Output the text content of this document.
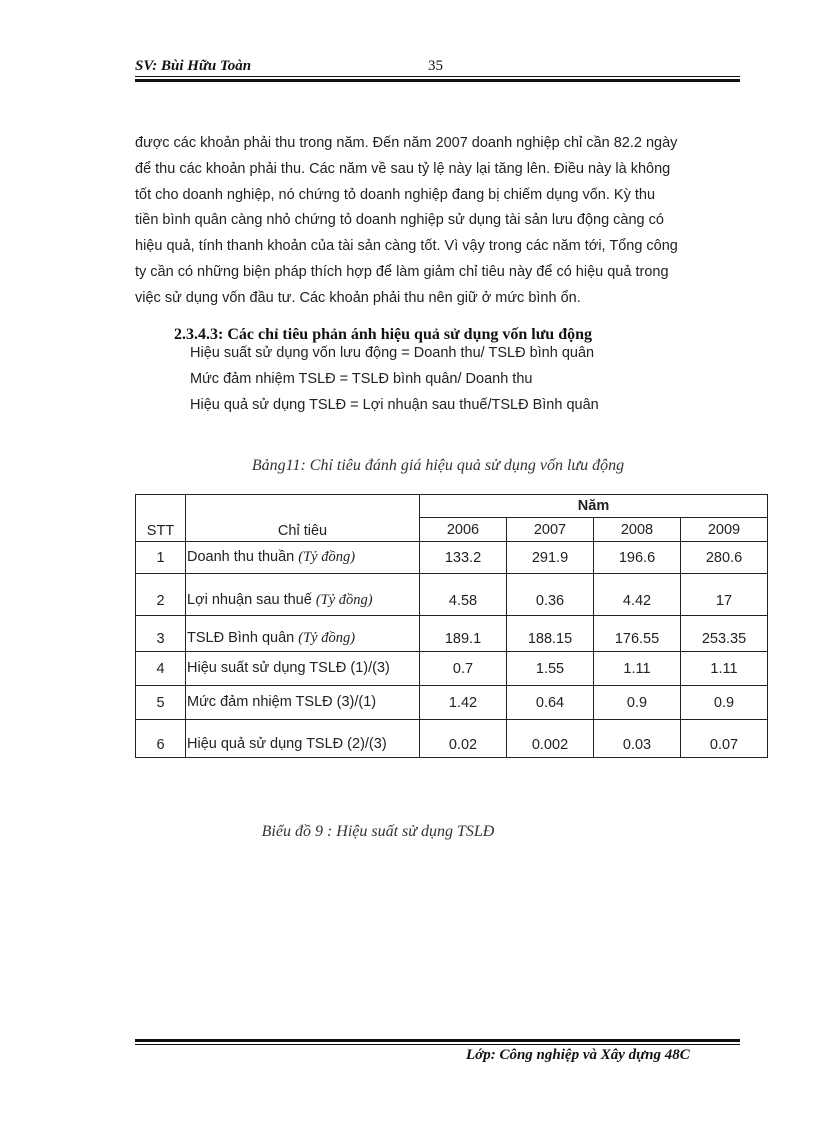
SV: Bùi Hữu Toàn	35
được các khoản phải thu trong năm. Đến năm 2007 doanh nghiệp chỉ cần 82.2 ngày
để thu các khoản phải thu. Các năm về sau tỷ lệ này lại tăng lên. Điều này là không
tốt cho doanh nghiệp, nó chứng tỏ doanh nghiệp đang bị chiếm dụng vốn. Kỳ thu
tiền bình quân càng nhỏ chứng tỏ doanh nghiệp sử dụng tài sản lưu động càng có
hiệu quả, tính thanh khoản của tài sản càng tốt. Vì vậy trong các năm tới, Tổng công
ty cần có những biện pháp thích hợp để làm giảm chỉ tiêu này để có hiệu quả trong
việc sử dụng vốn đầu tư. Các khoản phải thu nên giữ ở mức bình ổn.
2.3.4.3: Các chỉ tiêu phản ánh hiệu quả sử dụng vốn lưu động
Hiệu suất sử dụng vốn lưu động = Doanh thu/ TSLĐ bình quân
Mức đảm nhiệm TSLĐ = TSLĐ bình quân/ Doanh thu
Hiệu quả sử dụng TSLĐ = Lợi nhuận sau thuế/TSLĐ Bình quân
Bảng11: Chỉ tiêu đánh giá hiệu quả sử dụng vốn lưu động
STT	Chỉ tiêu	Năm			
		2006	2007	2008	2009
1	Doanh thu thuần (Tỷ đồng)	133.2	291.9	196.6	280.6
2	Lợi nhuận sau thuế (Tỷ đồng)	4.58	0.36	4.42	17
3	TSLĐ Bình quân (Tỷ đồng)	189.1	188.15	176.55	253.35
4	Hiệu suất sử dụng TSLĐ (1)/(3)	0.7	1.55	1.11	1.11
5	Mức đảm nhiệm TSLĐ (3)/(1)	1.42	0.64	0.9	0.9
6	Hiệu quả sử dụng TSLĐ (2)/(3)	0.02	0.002	0.03	0.07
Biểu đồ 9 : Hiệu suất sử dụng TSLĐ
Lớp: Công nghiệp và Xây dựng 48C
